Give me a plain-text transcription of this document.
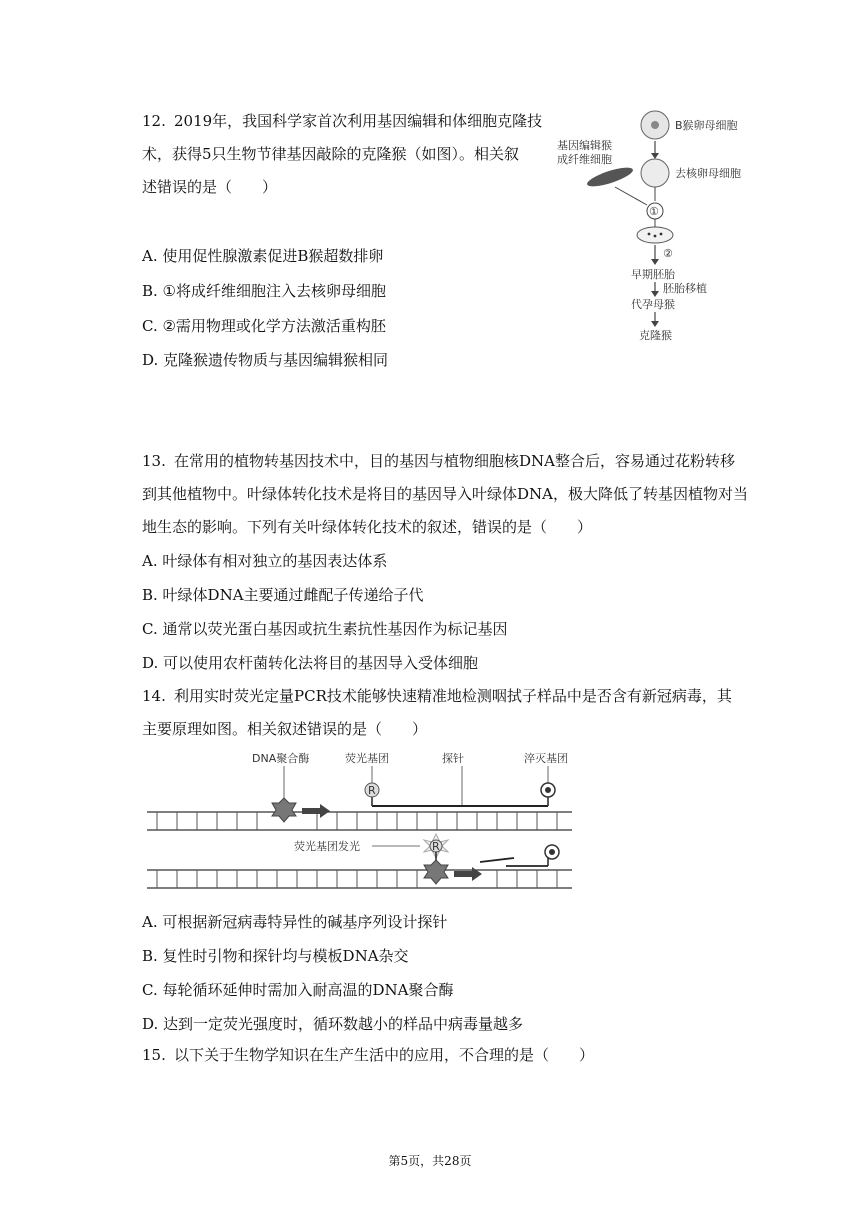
12. 2019年，我国科学家首次利用基因编辑和体细胞克隆技
术，获得5只生物节律基因敲除的克隆猴（如图）。相关叙
述错误的是（　　）
A. 使用促性腺激素促进B猴超数排卵
B. ①将成纤维细胞注入去核卵母细胞
C. ②需用物理或化学方法激活重构胚
D. 克隆猴遗传物质与基因编辑猴相同
B猴卵母细胞
去核卵母细胞
基因编辑猴
成纤维细胞
①
②
早期胚胎
胚胎移植
代孕母猴
克隆猴
13. 在常用的植物转基因技术中，目的基因与植物细胞核DNA整合后，容易通过花粉转移
到其他植物中。叶绿体转化技术是将目的基因导入叶绿体DNA，极大降低了转基因植物对当
地生态的影响。下列有关叶绿体转化技术的叙述，错误的是（　　）
A. 叶绿体有相对独立的基因表达体系
B. 叶绿体DNA主要通过雌配子传递给子代
C. 通常以荧光蛋白基因或抗生素抗性基因作为标记基因
D. 可以使用农杆菌转化法将目的基因导入受体细胞
14. 利用实时荧光定量PCR技术能够快速精准地检测咽拭子样品中是否含有新冠病毒，其
主要原理如图。相关叙述错误的是（　　）
DNA聚合酶	荧光基团	探针	淬灭基团
R
荧光基团发光	R
A. 可根据新冠病毒特异性的碱基序列设计探针
B. 复性时引物和探针均与模板DNA杂交
C. 每轮循环延伸时需加入耐高温的DNA聚合酶
D. 达到一定荧光强度时，循环数越小的样品中病毒量越多
15. 以下关于生物学知识在生产生活中的应用，不合理的是（　　）
第5页，共28页
